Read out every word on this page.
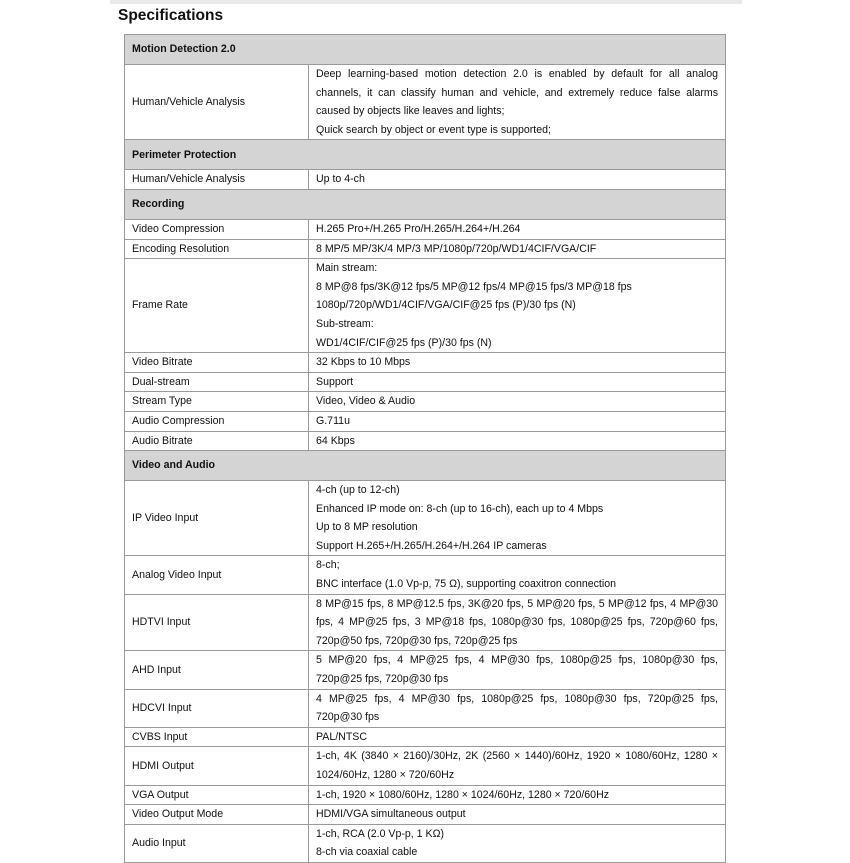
Specifications
Motion Detection 2.0	
Human/Vehicle Analysis	Deep learning-based motion detection 2.0 is enabled by default for all analog channels, it can classify human and vehicle, and extremely reduce false alarms caused by objects like leaves and lights;
Quick search by object or event type is supported;
Perimeter Protection	
Human/Vehicle Analysis	Up to 4-ch
Recording	
Video Compression	H.265 Pro+/H.265 Pro/H.265/H.264+/H.264
Encoding Resolution	8 MP/5 MP/3K/4 MP/3 MP/1080p/720p/WD1/4CIF/VGA/CIF
Frame Rate	Main stream:
8 MP@8 fps/3K@12 fps/5 MP@12 fps/4 MP@15 fps/3 MP@18 fps
1080p/720p/WD1/4CIF/VGA/CIF@25 fps (P)/30 fps (N)
Sub-stream:
WD1/4CIF/CIF@25 fps (P)/30 fps (N)
Video Bitrate	32 Kbps to 10 Mbps
Dual-stream	Support
Stream Type	Video, Video & Audio
Audio Compression	G.711u
Audio Bitrate	64 Kbps
Video and Audio	
IP Video Input	4-ch (up to 12-ch)
Enhanced IP mode on: 8-ch (up to 16-ch), each up to 4 Mbps
Up to 8 MP resolution
Support H.265+/H.265/H.264+/H.264 IP cameras
Analog Video Input	8-ch;
BNC interface (1.0 Vp-p, 75 Ω), supporting coaxitron connection
HDTVI Input	8 MP@15 fps, 8 MP@12.5 fps, 3K@20 fps, 5 MP@20 fps, 5 MP@12 fps, 4 MP@30 fps, 4 MP@25 fps, 3 MP@18 fps, 1080p@30 fps, 1080p@25 fps, 720p@60 fps, 720p@50 fps, 720p@30 fps, 720p@25 fps
AHD Input	5 MP@20 fps, 4 MP@25 fps, 4 MP@30 fps, 1080p@25 fps, 1080p@30 fps, 720p@25 fps, 720p@30 fps
HDCVI Input	4 MP@25 fps, 4 MP@30 fps, 1080p@25 fps, 1080p@30 fps, 720p@25 fps, 720p@30 fps
CVBS Input	PAL/NTSC
HDMI Output	1-ch, 4K (3840 × 2160)/30Hz, 2K (2560 × 1440)/60Hz, 1920 × 1080/60Hz, 1280 × 1024/60Hz, 1280 × 720/60Hz
VGA Output	1-ch, 1920 × 1080/60Hz, 1280 × 1024/60Hz, 1280 × 720/60Hz
Video Output Mode	HDMI/VGA simultaneous output
Audio Input	1-ch, RCA (2.0 Vp-p, 1 KΩ)
8-ch via coaxial cable
